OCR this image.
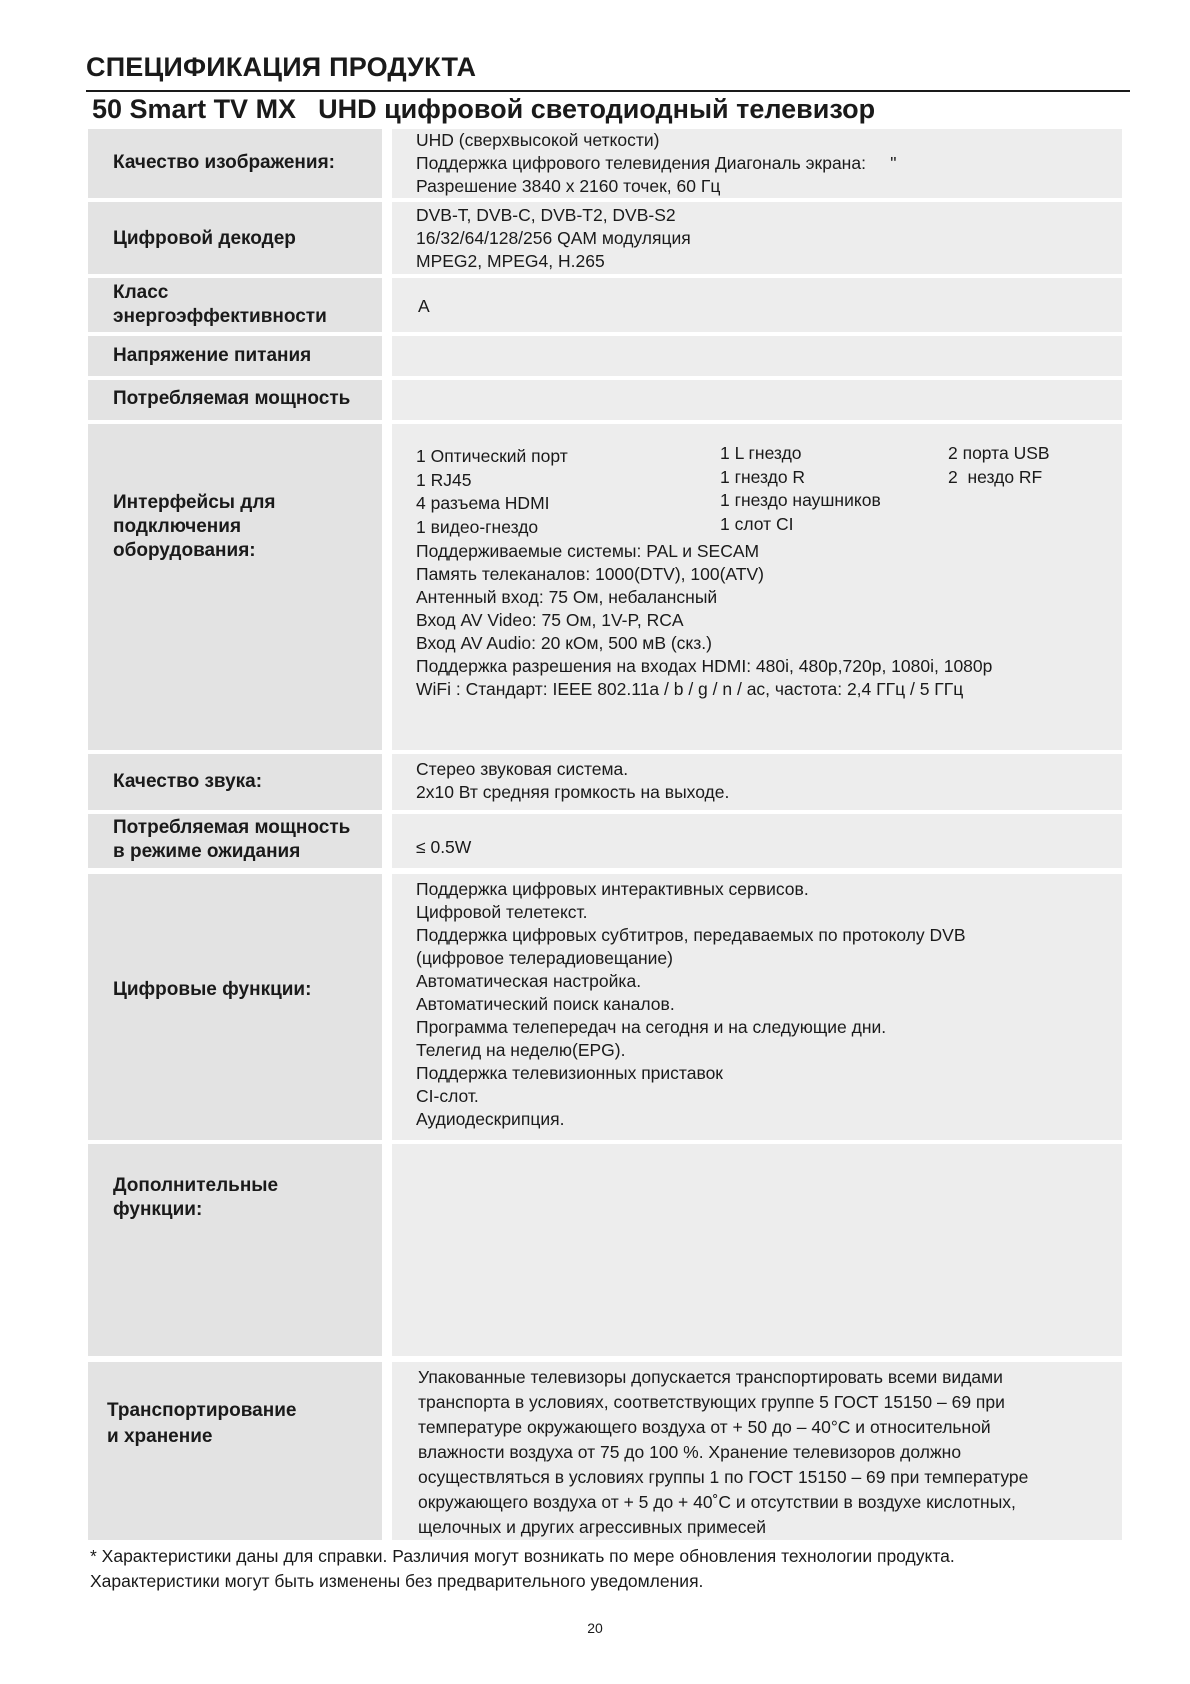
СПЕЦИФИКАЦИЯ ПРОДУКТА
50 Smart TV MX UHD цифровой светодиодный телевизор
Качество изображения:
UHD (сверхвысокой четкости)
Поддержка цифрового телевидения Диагональ экрана:     "
Разрешение 3840 х 2160 точек, 60 Гц
Цифровой декодер
DVB-T, DVB-C, DVB-T2, DVB-S2
16/32/64/128/256 QAM модуляция
MPEG2, MPEG4, H.265
Класс
энергоэффективности	A
Напряжение питания
Потребляемая мощность
Интерфейсы для
подключения
оборудования:
1 Оптический порт
1 RJ45
4 разъема HDMI
1 видео-гнездо
1 L гнездо
1 гнездо R
1 гнездо наушников
1 слот CI
2 порта USB
2  нездо RF
Поддерживаемые системы: PAL и SECAM
Память телеканалов: 1000(DTV), 100(ATV)
Антенный вход: 75 Ом, небалансный
Вход AV Video: 75 Ом, 1V-P, RCA
Вход AV Audio: 20 кОм, 500 мВ (скз.)
Поддержка разрешения на входах HDMI: 480i, 480p,720p, 1080i, 1080p
WiFi : Стандарт: IEEE 802.11a / b / g / n / ac, частота: 2,4 ГГц / 5 ГГц
Качество звука:
Стерео звуковая система.
2x10 Вт средняя громкость на выходе.
Потребляемая мощность
в режиме ожидания	≤ 0.5W
Цифровые функции:
Поддержка цифровых интерактивных сервисов.
Цифровой телетекст.
Поддержка цифровых субтитров, передаваемых по протоколу DVB
(цифровое телерадиовещание)
Автоматическая настройка.
Автоматический поиск каналов.
Программа телепередач на сегодня и на следующие дни.
Телегид на неделю(EPG).
Поддержка телевизионных приставок
CI-слот.
Аудиодескрипция.
Дополнительные
функции:
Транспортирование
и хранение
Упакованные телевизоры допускается транспортировать всеми видами
транспорта в условиях, соответствующих группе 5 ГОСТ 15150 – 69 при
температуре окружающего воздуха от + 50 до – 40°С и относительной
влажности воздуха от 75 до 100 %. Хранение телевизоров должно
осуществляться в условиях группы 1 по ГОСТ 15150 – 69 при температуре
окружающего воздуха от + 5 до + 40˚С и отсутствии в воздухе кислотных,
щелочных и других агрессивных примесей
* Характеристики даны для справки. Различия могут возникать по мере обновления технологии продукта.
Характеристики могут быть изменены без предварительного уведомления.
20
